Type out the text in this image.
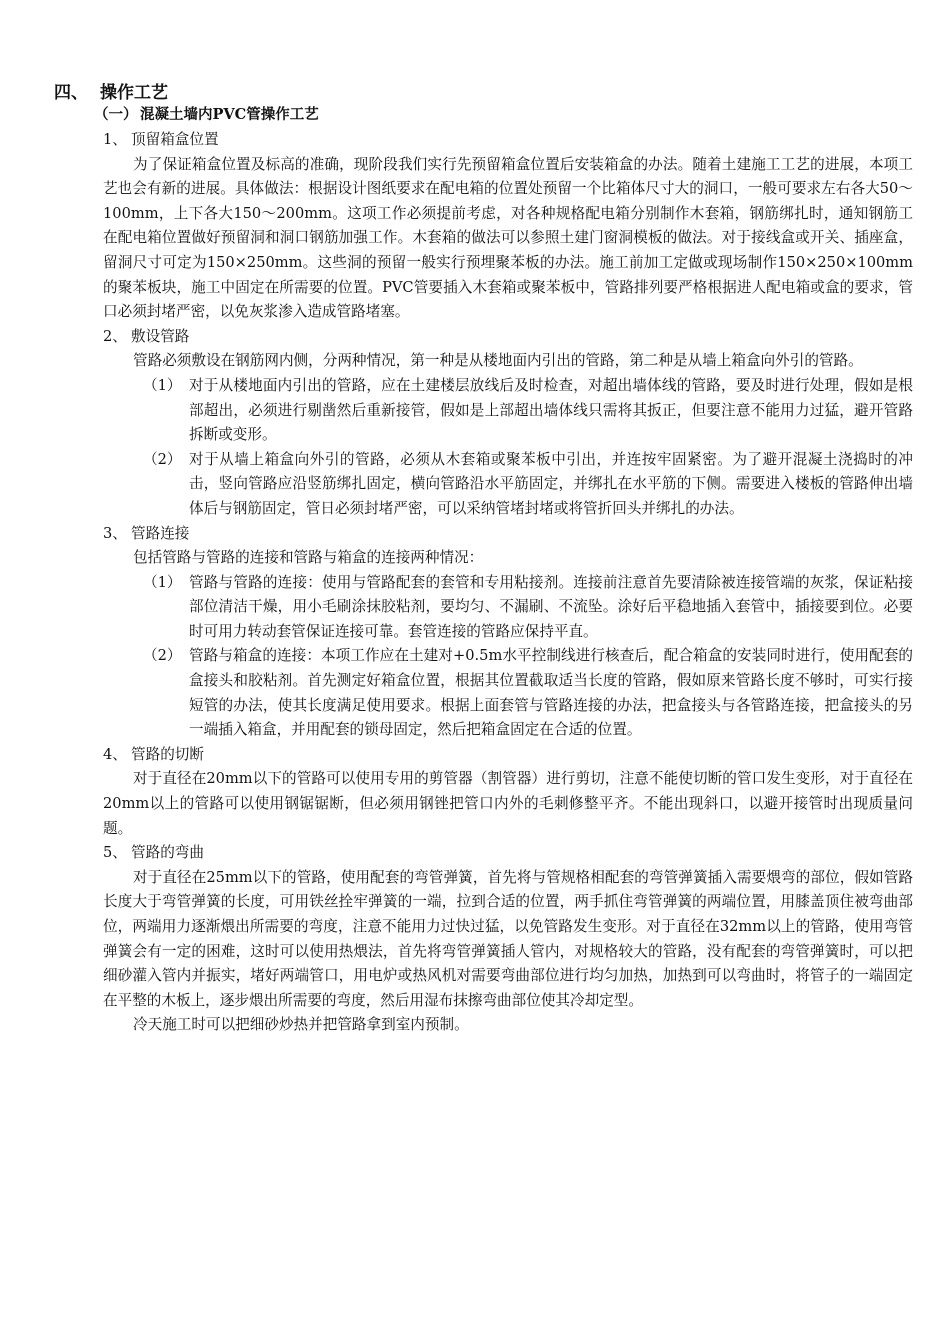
四、 操作工艺
（一） 混凝土墙内PVC管操作工艺
1、 顶留箱盒位置
为了保证箱盒位置及标高的准确，现阶段我们实行先预留箱盒位置后安装箱盒的办法。随着土建施工工艺的进展，本项工艺也会有新的进展。具体做法：根据设计图纸要求在配电箱的位置处预留一个比箱体尺寸大的洞口，一般可要求左右各大50～100mm，上下各大150～200mm。这项工作必须提前考虑，对各种规格配电箱分别制作木套箱，钢筋绑扎时，通知钢筋工在配电箱位置做好预留洞和洞口钢筋加强工作。木套箱的做法可以参照土建门窗洞模板的做法。对于接线盒或开关、插座盒，留洞尺寸可定为150×250mm。这些洞的预留一般实行预埋聚苯板的办法。施工前加工定做或现场制作150×250×100mm的聚苯板块，施工中固定在所需要的位置。PVC管要插入木套箱或聚苯板中，管路排列要严格根据进人配电箱或盒的要求，管口必须封堵严密，以免灰浆渗入造成管路堵塞。
2、 敷设管路
管路必须敷设在钢筋网内侧，分两种情况，第一种是从楼地面内引出的管路，第二种是从墙上箱盒向外引的管路。
（1） 对于从楼地面内引出的管路，应在土建楼层放线后及时检查，对超出墙体线的管路，要及时进行处理，假如是根部超出，必须进行剔凿然后重新接管，假如是上部超出墙体线只需将其扳正，但要注意不能用力过猛，避开管路拆断或变形。
（2） 对于从墙上箱盒向外引的管路，必须从木套箱或聚苯板中引出，并连按牢固紧密。为了避开混凝土浇捣时的冲击，竖向管路应沿竖筋绑扎固定，横向管路沿水平筋固定，并绑扎在水平筋的下侧。需要进入楼板的管路伸出墙体后与钢筋固定，管日必须封堵严密，可以采纳管堵封堵或将管折回头并绑扎的办法。
3、 管路连接
包括管路与管路的连接和管路与箱盒的连接两种情况：
（1） 管路与管路的连接：使用与管路配套的套管和专用粘接剂。连接前注意首先要清除被连接管端的灰浆，保证粘接部位清洁干燥，用小毛刷涂抹胶粘剂，要均匀、不漏刷、不流坠。涂好后平稳地插入套管中，插接要到位。必要时可用力转动套管保证连接可靠。套管连接的管路应保持平直。
（2） 管路与箱盒的连接：本项工作应在土建对+0.5m水平控制线进行核查后，配合箱盒的安装同时进行，使用配套的盒接头和胶粘剂。首先测定好箱盒位置，根据其位置截取适当长度的管路，假如原来管路长度不够时，可实行接短管的办法，使其长度满足使用要求。根据上面套管与管路连接的办法，把盒接头与各管路连接，把盒接头的另一端插入箱盒，并用配套的锁母固定，然后把箱盒固定在合适的位置。
4、 管路的切断
对于直径在20mm以下的管路可以使用专用的剪管器（割管器）进行剪切，注意不能使切断的管口发生变形，对于直径在20mm以上的管路可以使用钢锯锯断，但必须用钢锉把管口内外的毛刺修整平齐。不能出现斜口，以避开接管时出现质量问题。
5、 管路的弯曲
对于直径在25mm以下的管路，使用配套的弯管弹簧，首先将与管规格相配套的弯管弹簧插入需要煨弯的部位，假如管路长度大于弯管弹簧的长度，可用铁丝拴牢弹簧的一端，拉到合适的位置，两手抓住弯管弹簧的两端位置，用膝盖顶住被弯曲部位，两端用力逐渐煨出所需要的弯度，注意不能用力过快过猛，以免管路发生变形。对于直径在32mm以上的管路，使用弯管弹簧会有一定的困难，这时可以使用热煨法，首先将弯管弹簧插人管内，对规格较大的管路，没有配套的弯管弹簧时，可以把细砂灌入管内并振实，堵好两端管口，用电炉或热风机对需要弯曲部位进行均匀加热，加热到可以弯曲时，将管子的一端固定在平整的木板上，逐步煨出所需要的弯度，然后用湿布抹擦弯曲部位使其冷却定型。
冷天施工时可以把细砂炒热并把管路拿到室内预制。
